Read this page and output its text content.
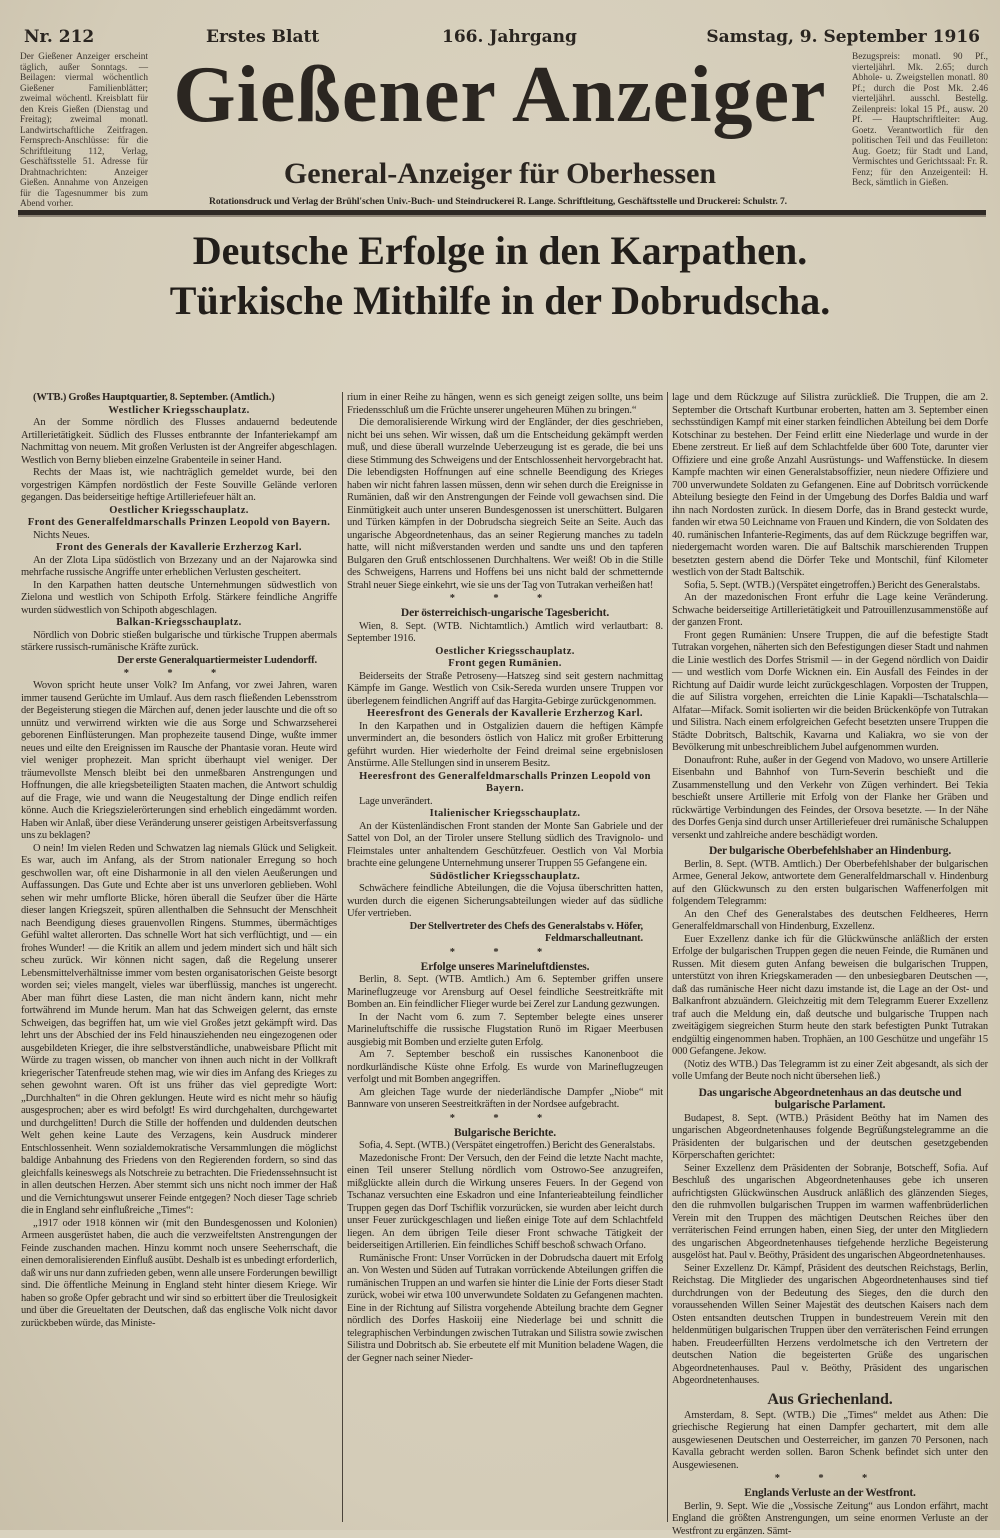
Nr. 212	Erstes Blatt	166. Jahrgang	Samstag, 9. September 1916
Der Gießener Anzeiger erscheint täglich, außer Sonntags. — Beilagen: viermal wöchentlich Gießener Familienblätter; zweimal wöchentl. Kreisblatt für den Kreis Gießen (Dienstag und Freitag); zweimal monatl. Landwirtschaftliche Zeitfragen. Fernsprech-Anschlüsse: für die Schriftleitung 112, Verlag, Geschäftsstelle 51. Adresse für Drahtnachrichten: Anzeiger Gießen. Annahme von Anzeigen für die Tagesnummer bis zum Abend vorher.
Bezugspreis: monatl. 90 Pf., vierteljährl. Mk. 2.65; durch Abhole- u. Zweigstellen monatl. 80 Pf.; durch die Post Mk. 2.46 vierteljährl. ausschl. Bestellg. Zeilenpreis: lokal 15 Pf., ausw. 20 Pf. — Hauptschriftleiter: Aug. Goetz. Verantwortlich für den politischen Teil und das Feuilleton: Aug. Goetz; für Stadt und Land, Vermischtes und Gerichtssaal: Fr. R. Fenz; für den Anzeigenteil: H. Beck, sämtlich in Gießen.
Gießener Anzeiger
General-Anzeiger für Oberhessen
Rotationsdruck und Verlag der Brühl'schen Univ.-Buch- und Steindruckerei R. Lange. Schriftleitung, Geschäftsstelle und Druckerei: Schulstr. 7.
Deutsche Erfolge in den Karpathen.
Türkische Mithilfe in der Dobrudscha.

(WTB.) Großes Hauptquartier, 8. September. (Amtlich.)

Westlicher Kriegsschauplatz.

An der Somme nördlich des Flusses andauernd bedeutende Artillerietätigkeit. Südlich des Flusses entbrannte der Infanteriekampf am Nachmittag von neuem. Mit großen Verlusten ist der Angreifer abgeschlagen. Westlich von Berny blieben einzelne Grabenteile in seiner Hand.

Rechts der Maas ist, wie nachträglich gemeldet wurde, bei den vorgestrigen Kämpfen nordöstlich der Feste Souville Gelände verloren gegangen. Das beiderseitige heftige Artilleriefeuer hält an.

Oestlicher Kriegsschauplatz.
Front des Generalfeldmarschalls Prinzen Leopold von Bayern.

Nichts Neues.

Front des Generals der Kavallerie Erzherzog Karl.

An der Zlota Lipa südöstlich von Brzezany und an der Najarowka sind mehrfache russische Angriffe unter erheblichen Verlusten gescheitert.

In den Karpathen hatten deutsche Unternehmungen südwestlich von Zielona und westlich von Schipoth Erfolg. Stärkere feindliche Angriffe wurden südwestlich von Schipoth abgeschlagen.

Balkan-Kriegsschauplatz.

Nördlich von Dobric stießen bulgarische und türkische Truppen abermals stärkere russisch-rumänische Kräfte zurück.

Der erste Generalquartiermeister Ludendorff.
* * *

Wovon spricht heute unser Volk? Im Anfang, vor zwei Jahren, waren immer tausend Gerüchte im Umlauf. Aus dem rasch fließenden Lebensstrom der Begeisterung stiegen die Märchen auf, denen jeder lauschte und die oft so unnütz und verwirrend wirkten wie die aus Sorge und Schwarzseherei geborenen Einflüsterungen. Man prophezeite tausend Dinge, wußte immer neues und eilte den Ereignissen im Rausche der Phantasie voran. Heute wird viel weniger prophezeit. Man spricht überhaupt viel weniger. Der träumevollste Mensch bleibt bei den unmeßbaren Anstrengungen und Hoffnungen, die alle kriegsbeteiligten Staaten machen, die Antwort schuldig auf die Frage, wie und wann die Neugestaltung der Dinge endlich reifen könne. Auch die Kriegszielerörterungen sind erheblich eingedämmt worden. Haben wir Anlaß, über diese Veränderung unserer geistigen Arbeitsverfassung uns zu beklagen?

O nein! Im vielen Reden und Schwatzen lag niemals Glück und Seligkeit. Es war, auch im Anfang, als der Strom nationaler Erregung so hoch geschwollen war, oft eine Disharmonie in all den vielen Aeußerungen und Auffassungen. Das Gute und Echte aber ist uns unverloren geblieben. Wohl sehen wir mehr umflorte Blicke, hören überall die Seufzer über die Härte dieser langen Kriegszeit, spüren allenthalben die Sehnsucht der Menschheit nach Beendigung dieses grauenvollen Ringens. Stummes, übermächtiges Gefühl waltet allerorten. Das schnelle Wort hat sich verflüchtigt, und — ein frohes Wunder! — die Kritik an allem und jedem mindert sich und hält sich scheu zurück. Wir können nicht sagen, daß die Regelung unserer Lebensmittelverhältnisse immer vom besten organisatorischen Geiste besorgt worden sei; vieles mangelt, vieles war überflüssig, manches ist ungerecht. Aber man führt diese Lasten, die man nicht ändern kann, nicht mehr fortwährend im Munde herum. Man hat das Schweigen gelernt, das ernste Schweigen, das begriffen hat, um wie viel Großes jetzt gekämpft wird. Das lehrt uns der Abschied der ins Feld hinausziehenden neu eingezogenen oder ausgebildeten Krieger, die ihre selbstverständliche, unabweisbare Pflicht mit Würde zu tragen wissen, ob mancher von ihnen auch nicht in der Vollkraft kriegerischer Tatenfreude stehen mag, wie wir dies im Anfang des Krieges zu sehen gewohnt waren. Oft ist uns früher das viel gepredigte Wort: „Durchhalten“ in die Ohren geklungen. Heute wird es nicht mehr so häufig ausgesprochen; aber es wird befolgt! Es wird durchgehalten, durchgewartet und durchgelitten! Durch die Stille der hoffenden und duldenden deutschen Welt gehen keine Laute des Verzagens, kein Ausdruck minderer Entschlossenheit. Wenn sozialdemokratische Versammlungen die möglichst baldige Anbahnung des Friedens von den Regierenden fordern, so sind das gleichfalls keineswegs als Notschreie zu betrachten. Die Friedenssehnsucht ist in allen deutschen Herzen. Aber stemmt sich uns nicht noch immer der Haß und die Vernichtungswut unserer Feinde entgegen? Noch dieser Tage schrieb die in England sehr einflußreiche „Times“:

„1917 oder 1918 können wir (mit den Bundesgenossen und Kolonien) Armeen ausgerüstet haben, die auch die verzweifeltsten Anstrengungen der Feinde zuschanden machen. Hinzu kommt noch unsere Seeherrschaft, die einen demoralisierenden Einfluß ausübt. Deshalb ist es unbedingt erforderlich, daß wir uns nur dann zufrieden geben, wenn alle unsere Forderungen bewilligt sind. Die öffentliche Meinung in England steht hinter diesem Kriege. Wir haben so große Opfer gebracht und wir sind so erbittert über die Treulosigkeit und über die Greueltaten der Deutschen, daß das englische Volk nicht davor zurückbeben würde, das Ministe-

rium in einer Reihe zu hängen, wenn es sich geneigt zeigen sollte, uns beim Friedensschluß um die Früchte unserer ungeheuren Mühen zu bringen.“

Die demoralisierende Wirkung wird der Engländer, der dies geschrieben, nicht bei uns sehen. Wir wissen, daß um die Entscheidung gekämpft werden muß, und diese überall wurzelnde Ueberzeugung ist es gerade, die bei uns diese Stimmung des Schweigens und der Entschlossenheit hervorgebracht hat. Die lebendigsten Hoffnungen auf eine schnelle Beendigung des Krieges haben wir nicht fahren lassen müssen, denn wir sehen durch die Ereignisse in Rumänien, daß wir den Anstrengungen der Feinde voll gewachsen sind. Die Einmütigkeit auch unter unseren Bundesgenossen ist unerschüttert. Bulgaren und Türken kämpfen in der Dobrudscha siegreich Seite an Seite. Auch das ungarische Abgeordnetenhaus, das an seiner Regierung manches zu tadeln hatte, will nicht mißverstanden werden und sandte uns und den tapferen Bulgaren den Gruß entschlossenen Durchhaltens. Wer weiß! Ob in die Stille des Schweigens, Harrens und Hoffens bei uns nicht bald der schmetternde Strahl neuer Siege einkehrt, wie sie uns der Tag von Tutrakan verheißen hat!

* * *
Der österreichisch-ungarische Tagesbericht.

Wien, 8. Sept. (WTB. Nichtamtlich.) Amtlich wird verlautbart: 8. September 1916.

Oestlicher Kriegsschauplatz.
Front gegen Rumänien.

Beiderseits der Straße Petroseny—Hatszeg sind seit gestern nachmittag Kämpfe im Gange. Westlich von Csik-Sereda wurden unsere Truppen vor überlegenem feindlichen Angriff auf das Hargita-Gebirge zurückgenommen.

Heeresfront des Generals der Kavallerie Erzherzog Karl.

In den Karpathen und in Ostgalizien dauern die heftigen Kämpfe unvermindert an, die besonders östlich von Halicz mit großer Erbitterung geführt wurden. Hier wiederholte der Feind dreimal seine ergebnislosen Anstürme. Alle Stellungen sind in unserem Besitz.

Heeresfront des Generalfeldmarschalls Prinzen Leopold von Bayern.

Lage unverändert.

Italienischer Kriegsschauplatz.

An der Küstenländischen Front standen der Monte San Gabriele und der Sattel von Dol, an der Tiroler unsere Stellung südlich des Travignolo- und Fleimstales unter anhaltendem Geschützfeuer. Oestlich von Val Morbia brachte eine gelungene Unternehmung unserer Truppen 55 Gefangene ein.

Südöstlicher Kriegsschauplatz.

Schwächere feindliche Abteilungen, die die Vojusa überschritten hatten, wurden durch die eigenen Sicherungsabteilungen wieder auf das südliche Ufer vertrieben.

Der Stellvertreter des Chefs des Generalstabs v. Höfer, Feldmarschalleutnant.
* * *
Erfolge unseres Marineluftdienstes.

Berlin, 8. Sept. (WTB. Amtlich.) Am 6. September griffen unsere Marineflugzeuge vor Arensburg auf Oesel feindliche Seestreitkräfte mit Bomben an. Ein feindlicher Flieger wurde bei Zerel zur Landung gezwungen.

In der Nacht vom 6. zum 7. September belegte eines unserer Marineluftschiffe die russische Flugstation Runö im Rigaer Meerbusen ausgiebig mit Bomben und erzielte guten Erfolg.

Am 7. September beschoß ein russisches Kanonenboot die nordkurländische Küste ohne Erfolg. Es wurde von Marineflugzeugen verfolgt und mit Bomben angegriffen.

Am gleichen Tage wurde der niederländische Dampfer „Niobe“ mit Bannware von unseren Seestreitkräften in der Nordsee aufgebracht.

* * *
Bulgarische Berichte.

Sofia, 4. Sept. (WTB.) (Verspätet eingetroffen.) Bericht des Generalstabs.

Mazedonische Front: Der Versuch, den der Feind die letzte Nacht machte, einen Teil unserer Stellung nördlich vom Ostrowo-See anzugreifen, mißglückte allein durch die Wirkung unseres Feuers. In der Gegend von Tschanaz versuchten eine Eskadron und eine Infanterieabteilung feindlicher Truppen gegen das Dorf Tschiflik vorzurücken, sie wurden aber leicht durch unser Feuer zurückgeschlagen und ließen einige Tote auf dem Schlachtfeld liegen. An dem übrigen Teile dieser Front schwache Tätigkeit der beiderseitigen Artillerien. Ein feindliches Schiff beschoß schwach Orfano.

Rumänische Front: Unser Vorrücken in der Dobrudscha dauert mit Erfolg an. Von Westen und Süden auf Tutrakan vorrückende Abteilungen griffen die rumänischen Truppen an und warfen sie hinter die Linie der Forts dieser Stadt zurück, wobei wir etwa 100 unverwundete Soldaten zu Gefangenen machten. Eine in der Richtung auf Silistra vorgehende Abteilung brachte dem Gegner nördlich des Dorfes Haskoiij eine Niederlage bei und schnitt die telegraphischen Verbindungen zwischen Tutrakan und Silistra sowie zwischen Silistra und Dobritsch ab. Sie erbeutete elf mit Munition beladene Wagen, die der Gegner nach seiner Nieder-

lage und dem Rückzuge auf Silistra zurückließ. Die Truppen, die am 2. September die Ortschaft Kurtbunar eroberten, hatten am 3. September einen sechsstündigen Kampf mit einer starken feindlichen Abteilung bei dem Dorfe Kotschinar zu bestehen. Der Feind erlitt eine Niederlage und wurde in der Ebene zerstreut. Er ließ auf dem Schlachtfelde über 600 Tote, darunter vier Offiziere und eine große Anzahl Ausrüstungs- und Waffenstücke. In diesem Kampfe machten wir einen Generalstabsoffizier, neun niedere Offiziere und 700 unverwundete Soldaten zu Gefangenen. Eine auf Dobritsch vorrückende Abteilung besiegte den Feind in der Umgebung des Dorfes Baldia und warf ihn nach Nordosten zurück. In diesem Dorfe, das in Brand gesteckt wurde, fanden wir etwa 50 Leichname von Frauen und Kindern, die von Soldaten des 40. rumänischen Infanterie-Regiments, das auf dem Rückzuge begriffen war, niedergemacht worden waren. Die auf Baltschik marschierenden Truppen besetzten gestern abend die Dörfer Teke und Montschil, fünf Kilometer westlich von der Stadt Baltschik.

Sofia, 5. Sept. (WTB.) (Verspätet eingetroffen.) Bericht des Generalstabs.

An der mazedonischen Front erfuhr die Lage keine Veränderung. Schwache beiderseitige Artillerietätigkeit und Patrouillenzusammenstöße auf der ganzen Front.

Front gegen Rumänien: Unsere Truppen, die auf die befestigte Stadt Tutrakan vorgehen, näherten sich den Befestigungen dieser Stadt und nahmen die Linie westlich des Dorfes Strismil — in der Gegend nördlich von Daidir — und westlich vom Dorfe Wicknen ein. Ein Ausfall des Feindes in der Richtung auf Daidir wurde leicht zurückgeschlagen. Vorposten der Truppen, die auf Silistra vorgehen, erreichten die Linie Kapakli—Tschatalschla—Alfatar—Mifack. Somit isolierten wir die beiden Brückenköpfe von Tutrakan und Silistra. Nach einem erfolgreichen Gefecht besetzten unsere Truppen die Städte Dobritsch, Baltschik, Kavarna und Kaliakra, wo sie von der Bevölkerung mit unbeschreiblichem Jubel aufgenommen wurden.

Donaufront: Ruhe, außer in der Gegend von Madovo, wo unsere Artillerie Eisenbahn und Bahnhof von Turn-Severin beschießt und die Zusammenstellung und den Verkehr von Zügen verhindert. Bei Tekia beschießt unsere Artillerie mit Erfolg von der Flanke her Gräben und rückwärtige Verbindungen des Feindes, der Orsova besetzte. — In der Nähe des Dorfes Genja sind durch unser Artilleriefeuer drei rumänische Schaluppen versenkt und zahlreiche andere beschädigt worden.

Der bulgarische Oberbefehlshaber an Hindenburg.

Berlin, 8. Sept. (WTB. Amtlich.) Der Oberbefehlshaber der bulgarischen Armee, General Jekow, antwortete dem Generalfeldmarschall v. Hindenburg auf den Glückwunsch zu den ersten bulgarischen Waffenerfolgen mit folgendem Telegramm:

An den Chef des Generalstabes des deutschen Feldheeres, Herrn Generalfeldmarschall von Hindenburg, Exzellenz.

Euer Exzellenz danke ich für die Glückwünsche anläßlich der ersten Erfolge der bulgarischen Truppen gegen die neuen Feinde, die Rumänen und Russen. Mit diesem guten Anfang beweisen die bulgarischen Truppen, unterstützt von ihren Kriegskameraden — den unbesiegbaren Deutschen —, daß das rumänische Heer nicht dazu imstande ist, die Lage an der Ost- und Balkanfront abzuändern. Gleichzeitig mit dem Telegramm Euerer Exzellenz traf auch die Meldung ein, daß deutsche und bulgarische Truppen nach zweitägigem siegreichen Sturm heute den stark befestigten Punkt Tutrakan endgültig eingenommen haben. Trophäen, an 100 Geschütze und ungefähr 15 000 Gefangene. Jekow.

(Notiz des WTB.) Das Telegramm ist zu einer Zeit abgesandt, als sich der volle Umfang der Beute noch nicht übersehen ließ.)

Das ungarische Abgeordnetenhaus an das deutsche und bulgarische Parlament.

Budapest, 8. Sept. (WTB.) Präsident Beöthy hat im Namen des ungarischen Abgeordnetenhauses folgende Begrüßungstelegramme an die Präsidenten der bulgarischen und der deutschen gesetzgebenden Körperschaften gerichtet:

Seiner Exzellenz dem Präsidenten der Sobranje, Botscheff, Sofia. Auf Beschluß des ungarischen Abgeordnetenhauses gebe ich unseren aufrichtigsten Glückwünschen Ausdruck anläßlich des glänzenden Sieges, den die ruhmvollen bulgarischen Truppen im warmen waffenbrüderlichen Verein mit den Truppen des mächtigen Deutschen Reiches über den verräterischen Feind errungen haben, einen Sieg, der unter den Mitgliedern des ungarischen Abgeordnetenhauses tiefgehende herzliche Begeisterung ausgelöst hat. Paul v. Beöthy, Präsident des ungarischen Abgeordnetenhauses.

Seiner Exzellenz Dr. Kämpf, Präsident des deutschen Reichstags, Berlin, Reichstag. Die Mitglieder des ungarischen Abgeordnetenhauses sind tief durchdrungen von der Bedeutung des Sieges, den die durch den voraussehenden Willen Seiner Majestät des deutschen Kaisers nach dem Osten entsandten deutschen Truppen in bundestreuem Verein mit den heldenmütigen bulgarischen Truppen über den verräterischen Feind errungen haben. Freudeerfüllten Herzens verdolmetsche ich den Vertretern der deutschen Nation die begeisterten Grüße des ungarischen Abgeordnetenhauses. Paul v. Beöthy, Präsident des ungarischen Abgeordnetenhauses.

Aus Griechenland.

Amsterdam, 8. Sept. (WTB.) Die „Times“ meldet aus Athen: Die griechische Regierung hat einen Dampfer gechartert, mit dem alle ausgewiesenen Deutschen und Oesterreicher, im ganzen 70 Personen, nach Kavalla gebracht werden sollen. Baron Schenk befindet sich unter den Ausgewiesenen.

* * *
Englands Verluste an der Westfront.

Berlin, 9. Sept. Wie die „Vossische Zeitung“ aus London erfährt, macht England die größten Anstrengungen, um seine enormen Verluste an der Westfront zu ergänzen. Sämt-
